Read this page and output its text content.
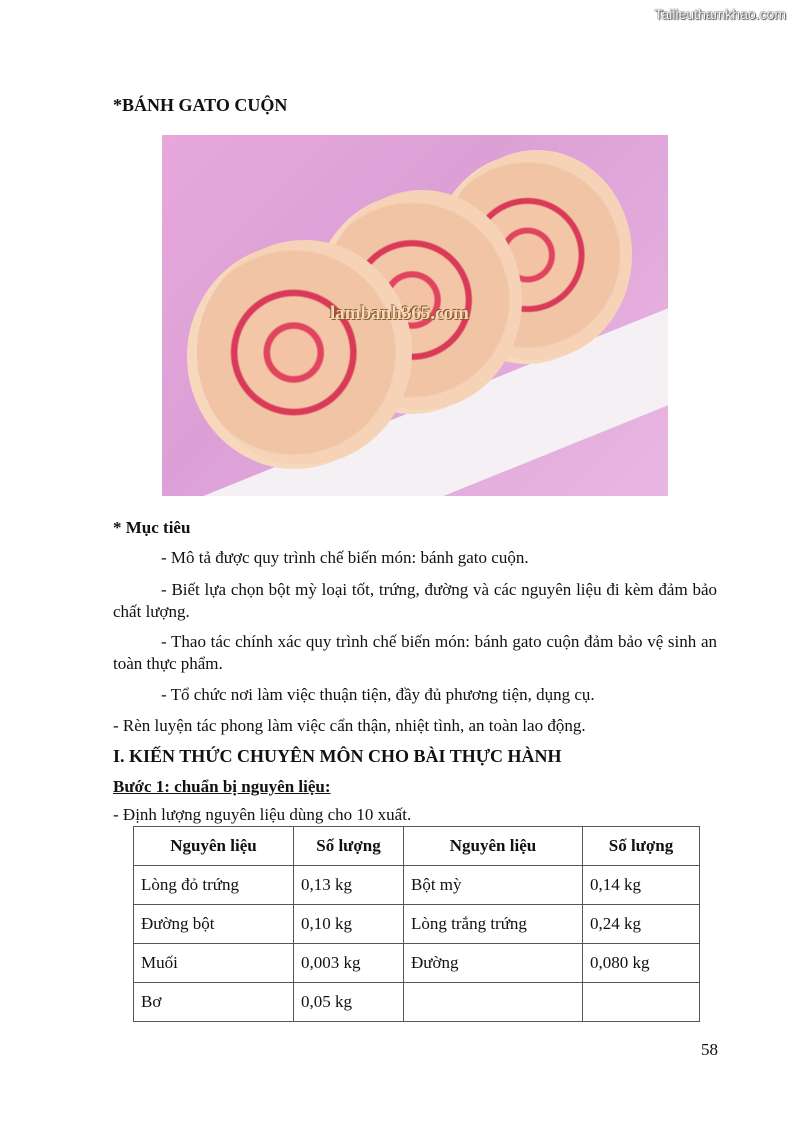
Tailieuthamkhao.com
*BÁNH GATO CUỘN
lambanh365.com
* Mục tiêu
- Mô tả được quy trình chế biến món: bánh gato cuộn.
- Biết lựa chọn bột mỳ loại tốt, trứng, đường và các nguyên liệu đi kèm đảm bảo chất lượng.
- Thao tác chính xác quy trình chế biến món: bánh gato cuộn đảm bảo vệ sinh an toàn thực phẩm.
- Tổ chức nơi làm việc thuận tiện, đầy đủ phương tiện, dụng cụ.
- Rèn luyện tác phong làm việc cẩn thận, nhiệt tình, an toàn lao động.
I. KIẾN THỨC CHUYÊN MÔN CHO BÀI THỰC HÀNH
Bước 1: chuẩn bị nguyên liệu:
- Định lượng nguyên liệu dùng cho 10 xuất.
Nguyên liệu	Số lượng	Nguyên liệu	Số lượng
Lòng đỏ trứng	0,13 kg	Bột mỳ	0,14 kg
Đường bột	0,10 kg	Lòng trắng trứng	0,24 kg
Muối	0,003 kg	Đường	0,080 kg
Bơ	0,05 kg		
58
